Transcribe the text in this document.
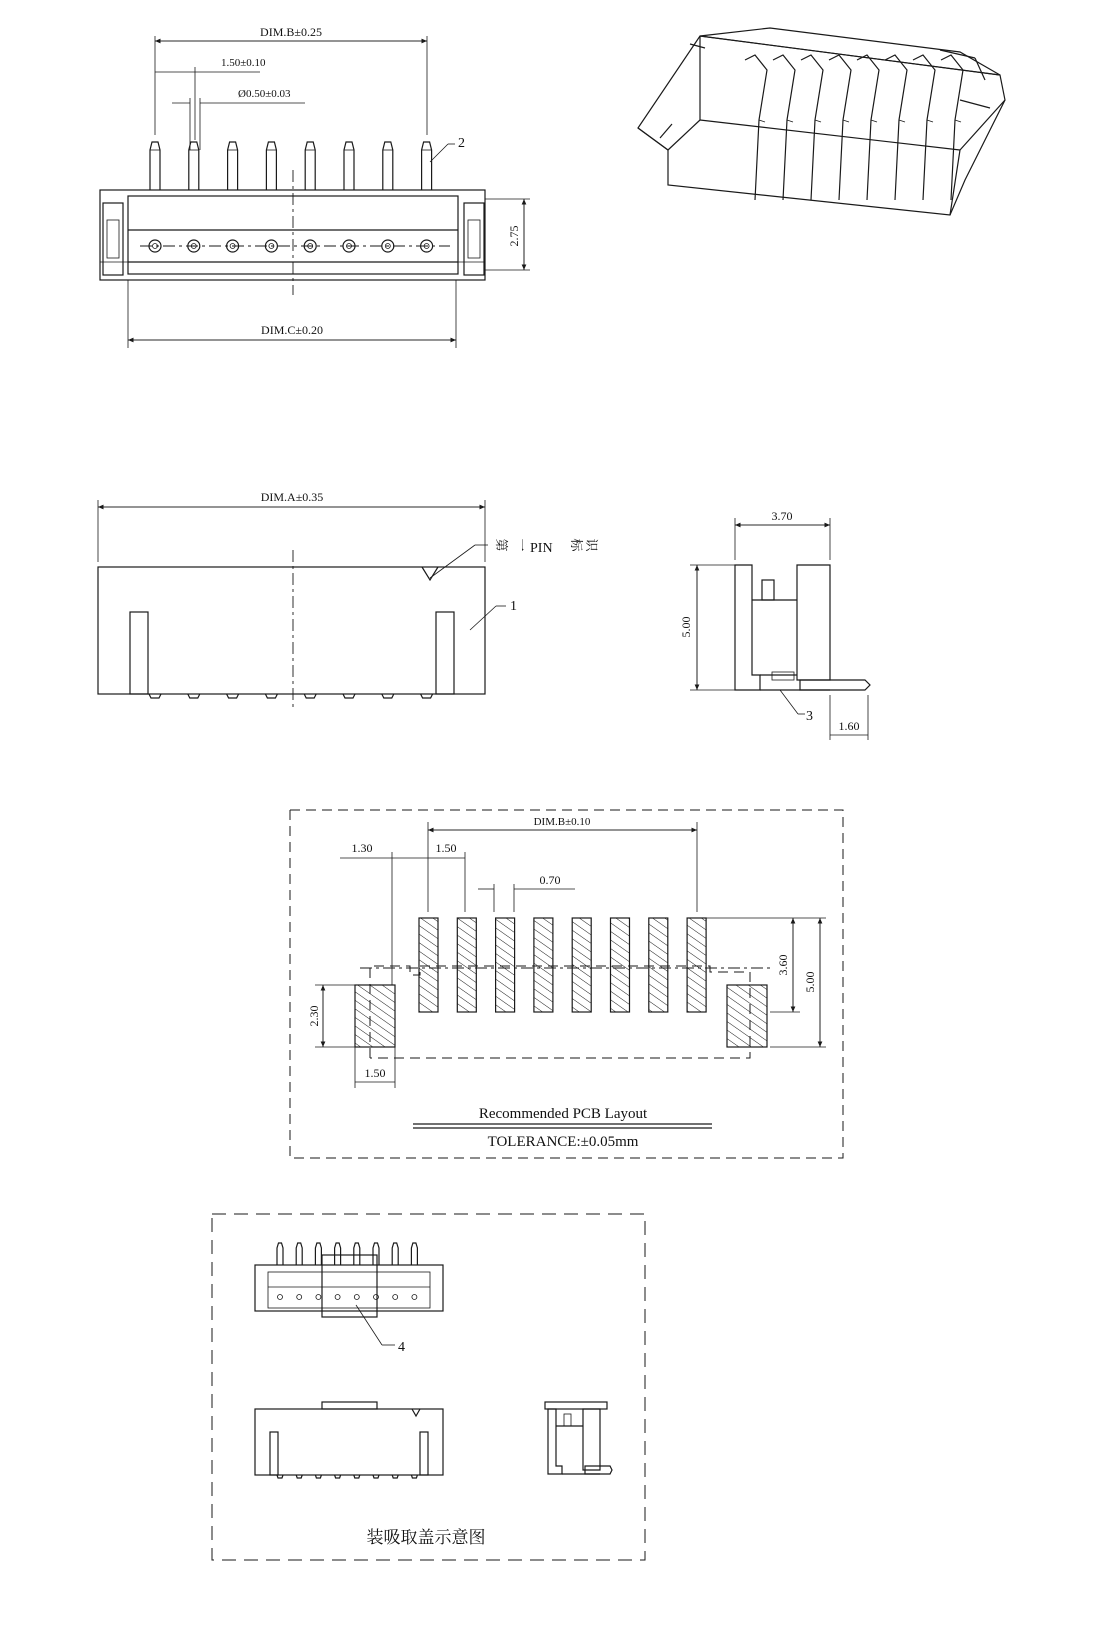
DIM.B±0.25
1.50±0.10
Ø0.50±0.03
2.75
DIM.C±0.20
2
DIM.A±0.35
第 一 PIN 标 识
1
3.70
5.00
1.60
3
DIM.B±0.10
1.30	1.50
0.70
3.60
5.00
2.30
1.50
Recommended PCB Layout
TOLERANCE:±0.05mm
4
装吸取盖示意图
